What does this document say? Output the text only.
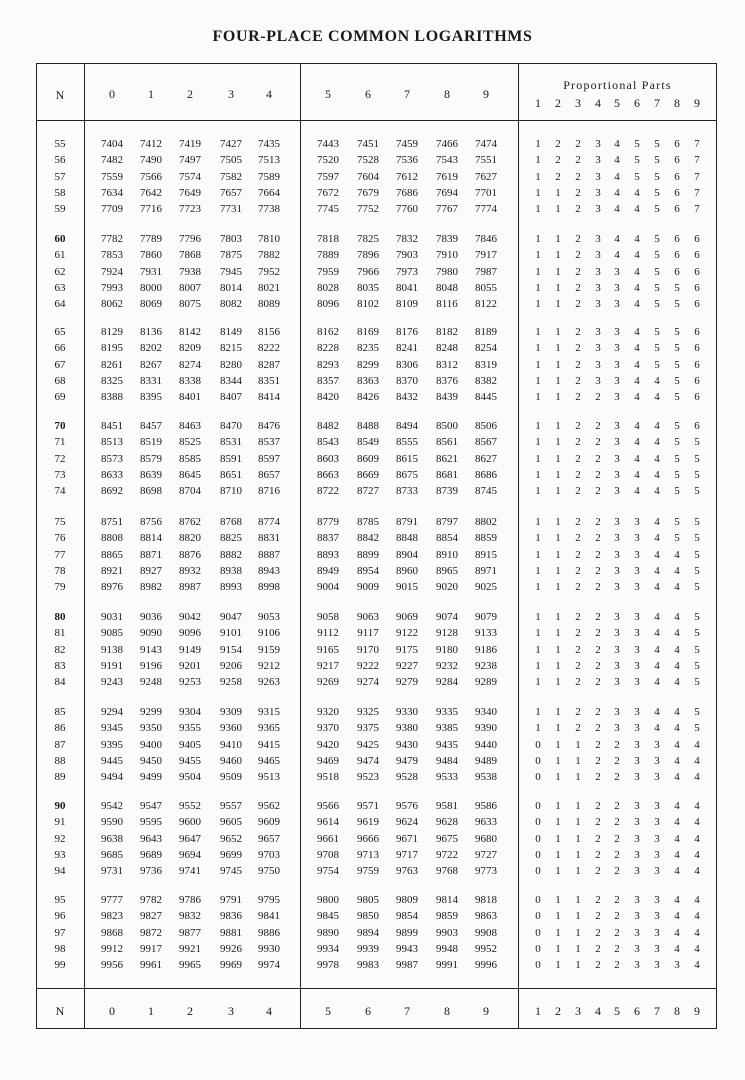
FOUR-PLACE COMMON LOGARITHMS
N
Proportional Parts
0	1	2	3	4	5	6	7	8	9
1	2	3	4	5	6	7	8	9
55	7404	7412	7419	7427	7435	7443	7451	7459	7466	7474	1	2	2	3	4	5	5	6	7
56	7482	7490	7497	7505	7513	7520	7528	7536	7543	7551	1	2	2	3	4	5	5	6	7
57	7559	7566	7574	7582	7589	7597	7604	7612	7619	7627	1	2	2	3	4	5	5	6	7
58	7634	7642	7649	7657	7664	7672	7679	7686	7694	7701	1	1	2	3	4	4	5	6	7
59	7709	7716	7723	7731	7738	7745	7752	7760	7767	7774	1	1	2	3	4	4	5	6	7
60	7782	7789	7796	7803	7810	7818	7825	7832	7839	7846	1	1	2	3	4	4	5	6	6
61	7853	7860	7868	7875	7882	7889	7896	7903	7910	7917	1	1	2	3	4	4	5	6	6
62	7924	7931	7938	7945	7952	7959	7966	7973	7980	7987	1	1	2	3	3	4	5	6	6
63	7993	8000	8007	8014	8021	8028	8035	8041	8048	8055	1	1	2	3	3	4	5	5	6
64	8062	8069	8075	8082	8089	8096	8102	8109	8116	8122	1	1	2	3	3	4	5	5	6
65	8129	8136	8142	8149	8156	8162	8169	8176	8182	8189	1	1	2	3	3	4	5	5	6
66	8195	8202	8209	8215	8222	8228	8235	8241	8248	8254	1	1	2	3	3	4	5	5	6
67	8261	8267	8274	8280	8287	8293	8299	8306	8312	8319	1	1	2	3	3	4	5	5	6
68	8325	8331	8338	8344	8351	8357	8363	8370	8376	8382	1	1	2	3	3	4	4	5	6
69	8388	8395	8401	8407	8414	8420	8426	8432	8439	8445	1	1	2	2	3	4	4	5	6
70	8451	8457	8463	8470	8476	8482	8488	8494	8500	8506	1	1	2	2	3	4	4	5	6
71	8513	8519	8525	8531	8537	8543	8549	8555	8561	8567	1	1	2	2	3	4	4	5	5
72	8573	8579	8585	8591	8597	8603	8609	8615	8621	8627	1	1	2	2	3	4	4	5	5
73	8633	8639	8645	8651	8657	8663	8669	8675	8681	8686	1	1	2	2	3	4	4	5	5
74	8692	8698	8704	8710	8716	8722	8727	8733	8739	8745	1	1	2	2	3	4	4	5	5
75	8751	8756	8762	8768	8774	8779	8785	8791	8797	8802	1	1	2	2	3	3	4	5	5
76	8808	8814	8820	8825	8831	8837	8842	8848	8854	8859	1	1	2	2	3	3	4	5	5
77	8865	8871	8876	8882	8887	8893	8899	8904	8910	8915	1	1	2	2	3	3	4	4	5
78	8921	8927	8932	8938	8943	8949	8954	8960	8965	8971	1	1	2	2	3	3	4	4	5
79	8976	8982	8987	8993	8998	9004	9009	9015	9020	9025	1	1	2	2	3	3	4	4	5
80	9031	9036	9042	9047	9053	9058	9063	9069	9074	9079	1	1	2	2	3	3	4	4	5
81	9085	9090	9096	9101	9106	9112	9117	9122	9128	9133	1	1	2	2	3	3	4	4	5
82	9138	9143	9149	9154	9159	9165	9170	9175	9180	9186	1	1	2	2	3	3	4	4	5
83	9191	9196	9201	9206	9212	9217	9222	9227	9232	9238	1	1	2	2	3	3	4	4	5
84	9243	9248	9253	9258	9263	9269	9274	9279	9284	9289	1	1	2	2	3	3	4	4	5
85	9294	9299	9304	9309	9315	9320	9325	9330	9335	9340	1	1	2	2	3	3	4	4	5
86	9345	9350	9355	9360	9365	9370	9375	9380	9385	9390	1	1	2	2	3	3	4	4	5
87	9395	9400	9405	9410	9415	9420	9425	9430	9435	9440	0	1	1	2	2	3	3	4	4
88	9445	9450	9455	9460	9465	9469	9474	9479	9484	9489	0	1	1	2	2	3	3	4	4
89	9494	9499	9504	9509	9513	9518	9523	9528	9533	9538	0	1	1	2	2	3	3	4	4
90	9542	9547	9552	9557	9562	9566	9571	9576	9581	9586	0	1	1	2	2	3	3	4	4
91	9590	9595	9600	9605	9609	9614	9619	9624	9628	9633	0	1	1	2	2	3	3	4	4
92	9638	9643	9647	9652	9657	9661	9666	9671	9675	9680	0	1	1	2	2	3	3	4	4
93	9685	9689	9694	9699	9703	9708	9713	9717	9722	9727	0	1	1	2	2	3	3	4	4
94	9731	9736	9741	9745	9750	9754	9759	9763	9768	9773	0	1	1	2	2	3	3	4	4
95	9777	9782	9786	9791	9795	9800	9805	9809	9814	9818	0	1	1	2	2	3	3	4	4
96	9823	9827	9832	9836	9841	9845	9850	9854	9859	9863	0	1	1	2	2	3	3	4	4
97	9868	9872	9877	9881	9886	9890	9894	9899	9903	9908	0	1	1	2	2	3	3	4	4
98	9912	9917	9921	9926	9930	9934	9939	9943	9948	9952	0	1	1	2	2	3	3	4	4
99	9956	9961	9965	9969	9974	9978	9983	9987	9991	9996	0	1	1	2	2	3	3	3	4
N	0	1	2	3	4	5	6	7	8	9	1	2	3	4	5	6	7	8	9
